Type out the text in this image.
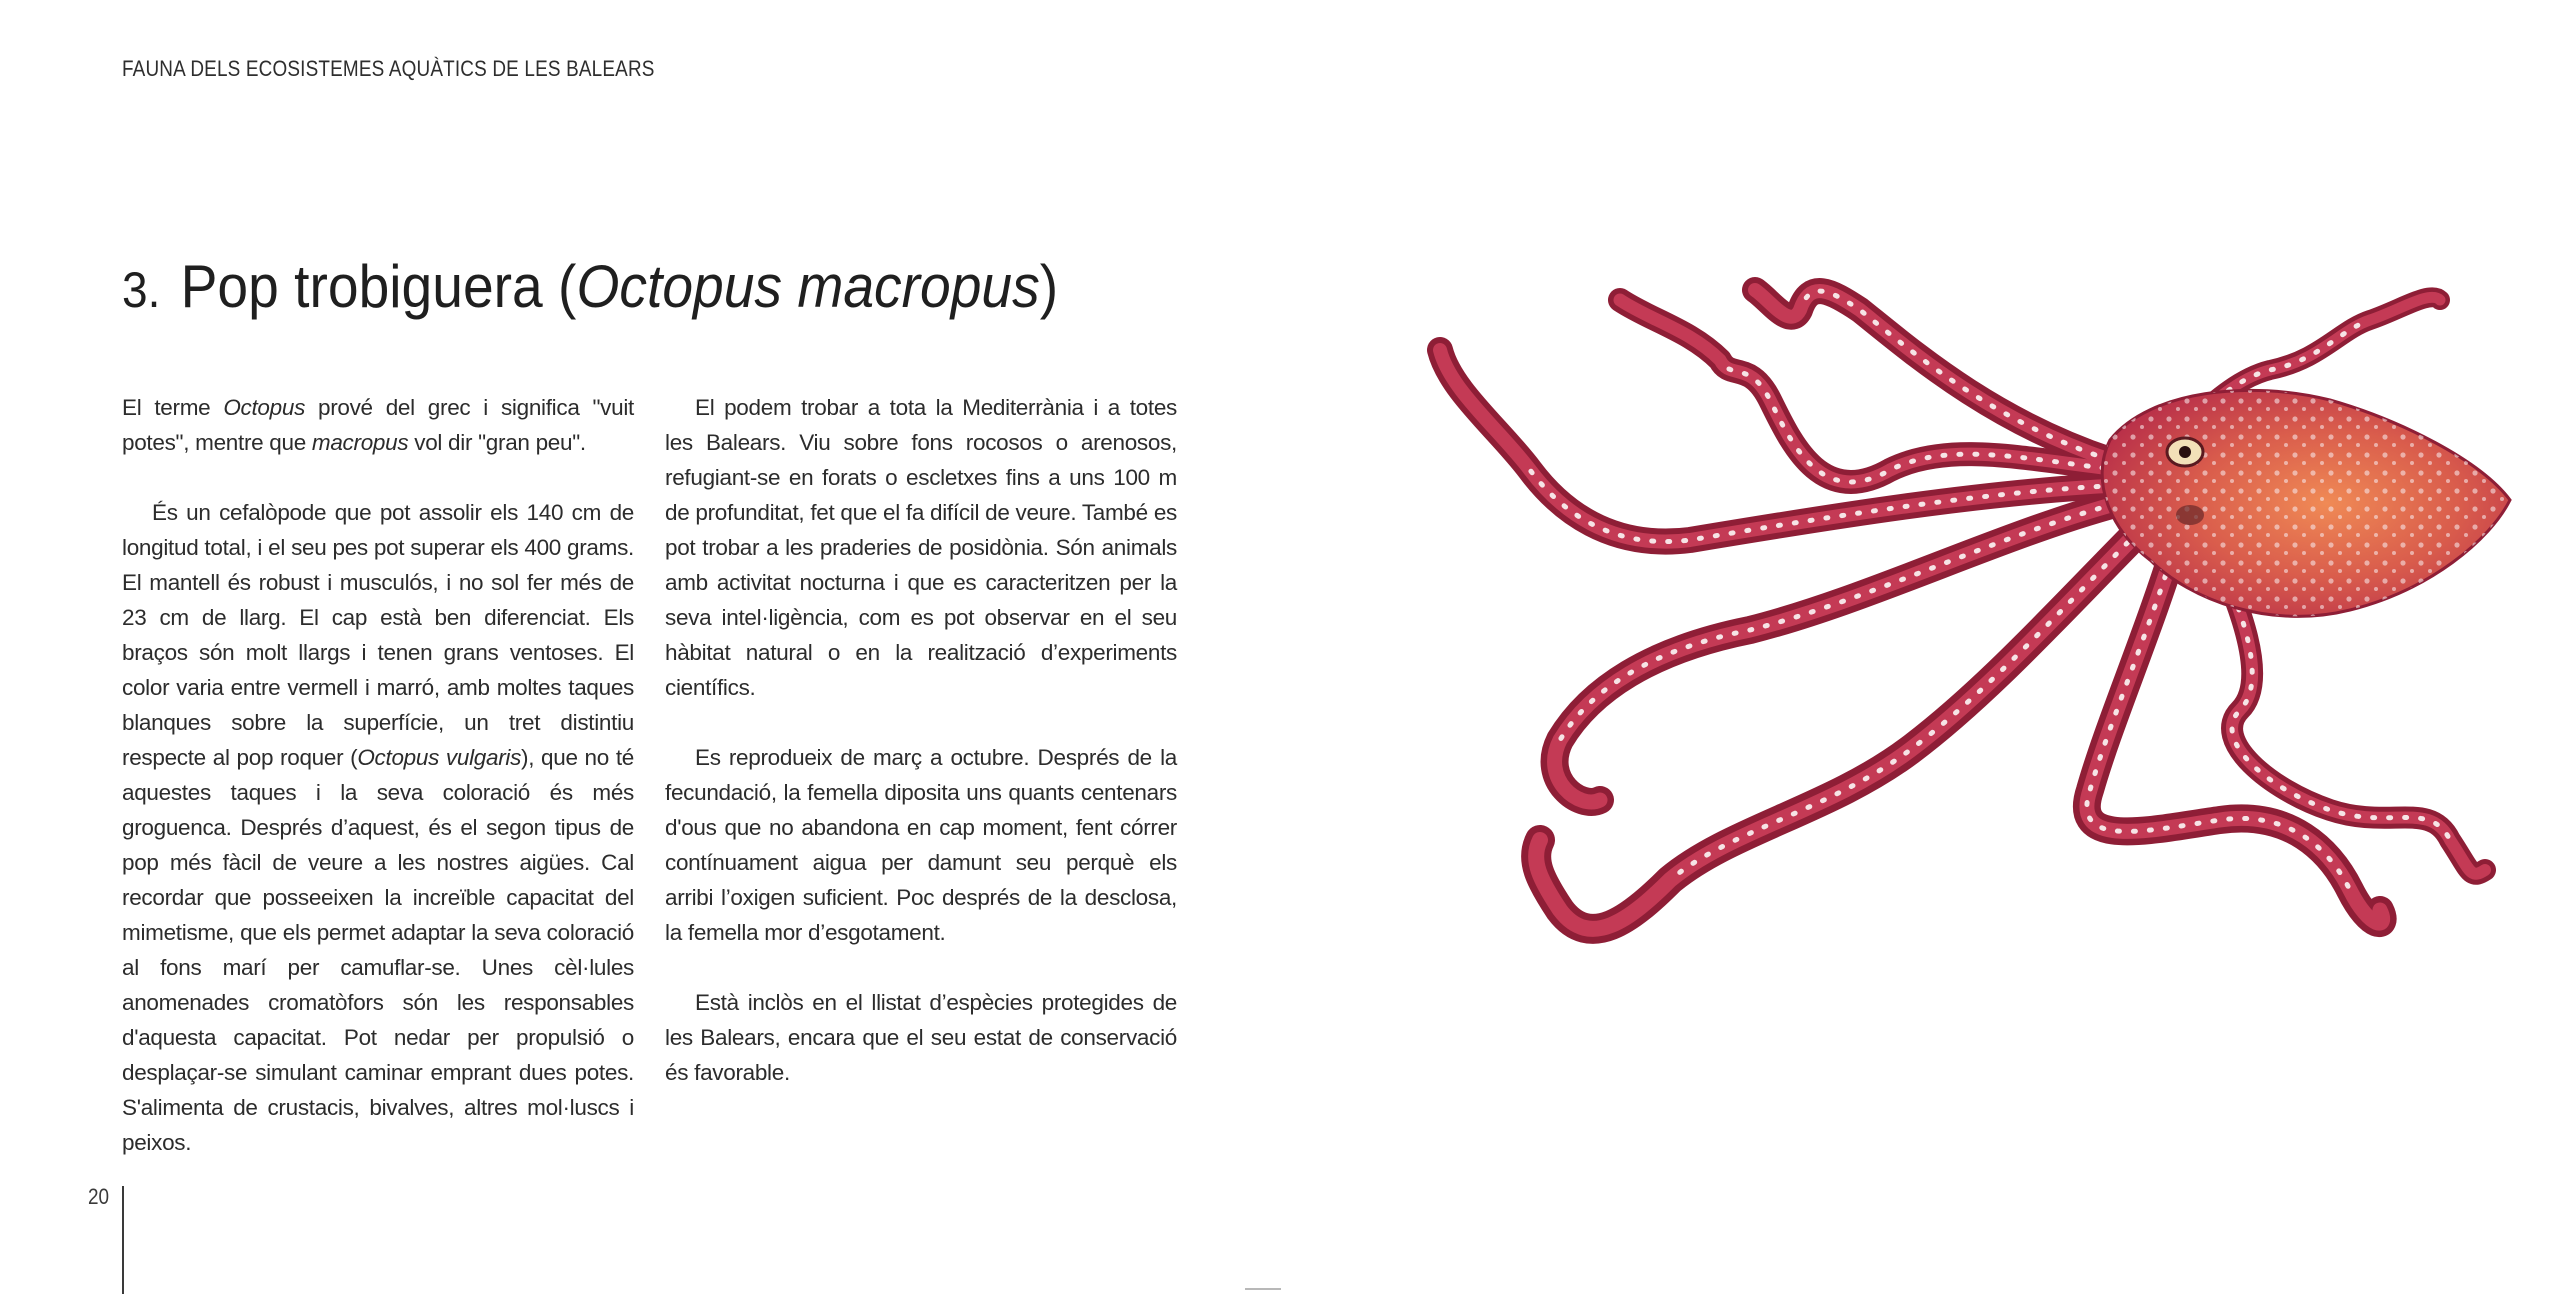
FAUNA DELS ECOSISTEMES AQUÀTICS DE LES BALEARS
3. Pop trobiguera (Octopus macropus)

El terme Octopus prové del grec i significa "vuit potes", mentre que macropus vol dir "gran peu".

És un cefalòpode que pot assolir els 140 cm de longitud total, i el seu pes pot superar els 400 grams. El mantell és robust i musculós, i no sol fer més de 23 cm de llarg. El cap està ben diferenciat. Els braços són molt llargs i tenen grans ventoses. El color varia entre vermell i marró, amb moltes taques blanques sobre la superfície, un tret distintiu respecte al pop roquer (Octopus vulgaris), que no té aquestes taques i la seva coloració és més groguenca. Després d’aquest, és el segon tipus de pop més fàcil de veure a les nostres aigües. Cal recordar que posseeixen la increïble capacitat del mimetisme, que els permet adaptar la seva coloració al fons marí per camuflar-se. Unes cèl·lules anomenades cromatòfors són les responsables d'aquesta capacitat. Pot nedar per propulsió o desplaçar-se simulant caminar emprant dues potes. S'alimenta de crustacis, bivalves, altres mol·luscs i peixos.

El podem trobar a tota la Mediterrània i a totes les Balears. Viu sobre fons rocosos o arenosos, refugiant-se en forats o escletxes fins a uns 100 m de profunditat, fet que el fa difícil de veure. També es pot trobar a les praderies de posidònia. Són animals amb activitat nocturna i que es caracteritzen per la seva intel·ligència, com es pot observar en el seu hàbitat natural o en la realització d’experiments científics.

Es reprodueix de març a octubre. Després de la fecundació, la femella diposita uns quants centenars d'ous que no abandona en cap moment, fent córrer contínuament aigua per damunt seu perquè els arribi l’oxigen suficient. Poc després de la desclosa, la femella mor d’esgotament.

Està inclòs en el llistat d’espècies protegides de les Balears, encara que el seu estat de conservació és favorable.

20
